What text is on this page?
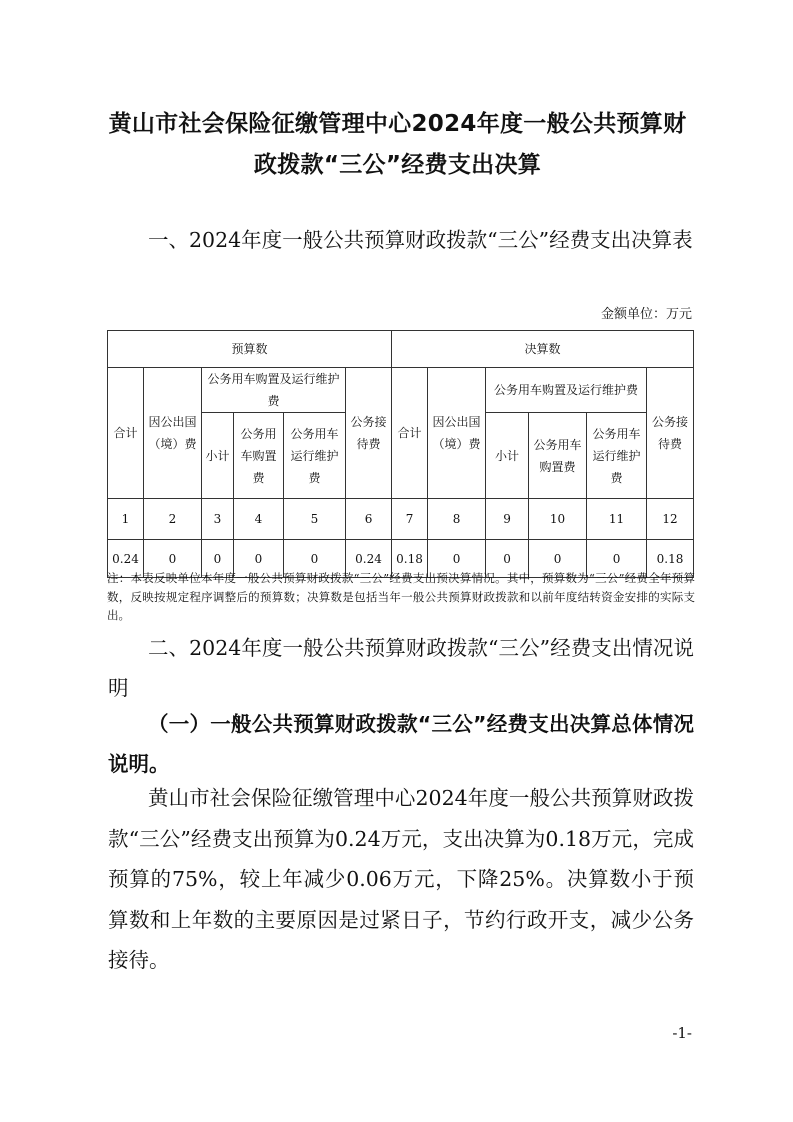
黄山市社会保险征缴管理中心2024年度一般公共预算财政拨款“三公”经费支出决算
一、2024年度一般公共预算财政拨款“三公”经费支出决算表
金额单位：万元
预算数						决算数					
合计	因公出国（境）费	公务用车购置及运行维护费			公务接待费	合计	因公出国（境）费	公务用车购置及运行维护费			公务接待费
		小计	公务用车购置费	公务用车运行维护费				小计	公务用车购置费	公务用车运行维护费	
1	2	3	4	5	6	7	8	9	10	11	12
0.24	0	0	0	0	0.24	0.18	0	0	0	0	0.18
注：本表反映单位本年度一般公共预算财政拨款“三公”经费支出预决算情况。其中，预算数为“三公”经费全年预算数，反映按规定程序调整后的预算数；决算数是包括当年一般公共预算财政拨款和以前年度结转资金安排的实际支出。
二、2024年度一般公共预算财政拨款“三公”经费支出情况说明
（一）一般公共预算财政拨款“三公”经费支出决算总体情况说明。
黄山市社会保险征缴管理中心2024年度一般公共预算财政拨款“三公”经费支出预算为0.24万元，支出决算为0.18万元，完成预算的75%，较上年减少0.06万元，下降25%。决算数小于预算数和上年数的主要原因是过紧日子，节约行政开支，减少公务接待。
-1-
